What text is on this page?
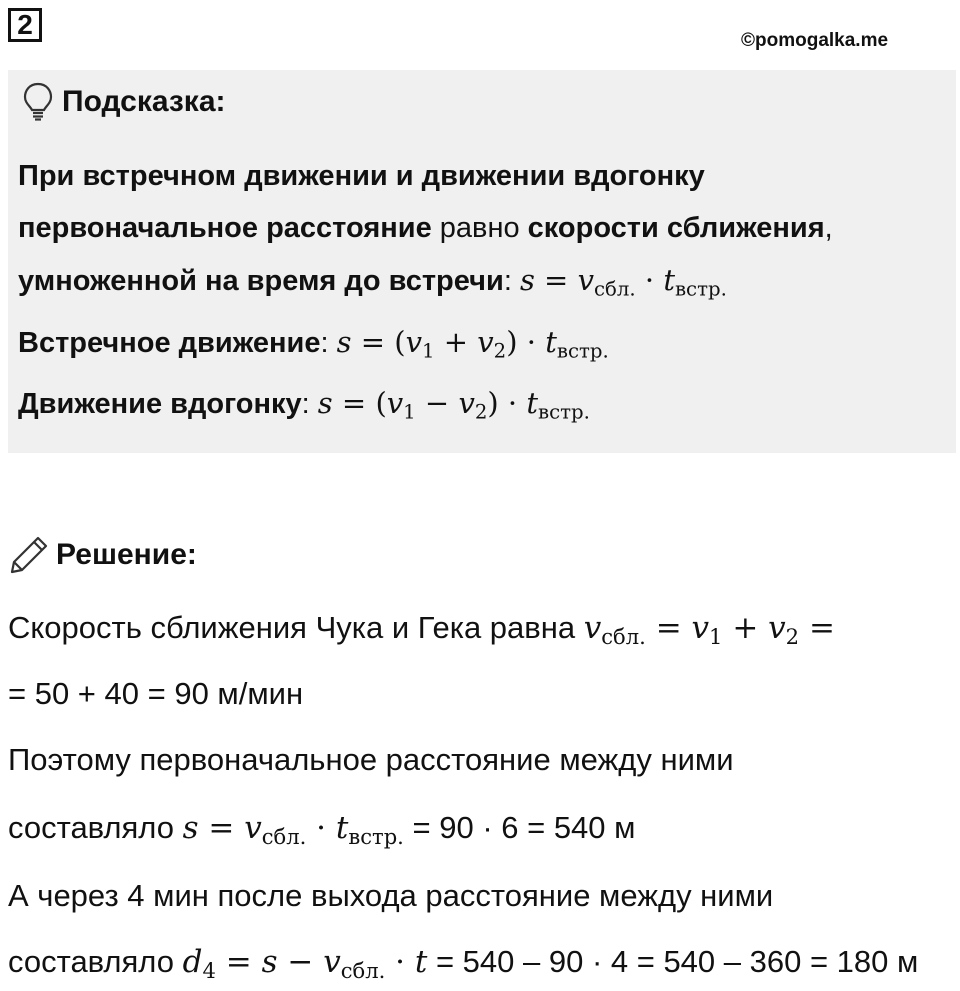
2
©pomogalka.me
Подсказка:
При встречном движении и движении вдогонку
первоначальное расстояние равно скорости сближения,
умноженной на время до встречи: $s = v_{сбл.} \cdot t_{встр.}$
Встречное движение: $s = (v_1 + v_2) \cdot t_{встр.}$
Движение вдогонку: $s = (v_1 - v_2) \cdot t_{встр.}$
Решение:
Скорость сближения Чука и Гека равна $v_{сбл.} = v_1 + v_2$ =
= 50 + 40 = 90 м/мин
Поэтому первоначальное расстояние между ними
составляло $s = v_{сбл.} \cdot t_{встр.} = 90 \cdot 6 = 540$ м
А через 4 мин после выхода расстояние между ними
составляло $d_4 = s - v_{сбл.} \cdot t = 540 - 90 \cdot 4 = 540 - 360 = 180$ м
